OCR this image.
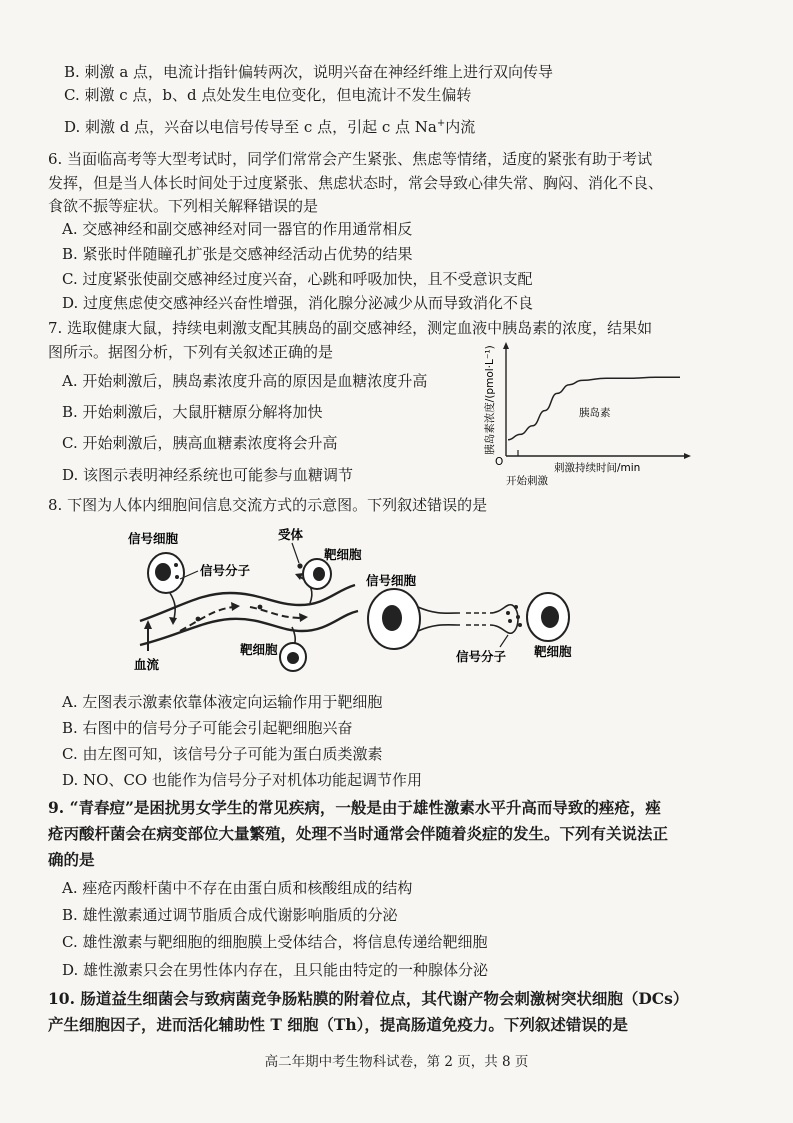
B. 刺激 a 点，电流计指针偏转两次，说明兴奋在神经纤维上进行双向传导
C. 刺激 c 点，b、d 点处发生电位变化，但电流计不发生偏转
D. 刺激 d 点，兴奋以电信号传导至 c 点，引起 c 点 Na+内流
6. 当面临高考等大型考试时，同学们常常会产生紧张、焦虑等情绪，适度的紧张有助于考试
发挥，但是当人体长时间处于过度紧张、焦虑状态时，常会导致心律失常、胸闷、消化不良、
食欲不振等症状。下列相关解释错误的是
A. 交感神经和副交感神经对同一器官的作用通常相反
B. 紧张时伴随瞳孔扩张是交感神经活动占优势的结果
C. 过度紧张使副交感神经过度兴奋，心跳和呼吸加快，且不受意识支配
D. 过度焦虑使交感神经兴奋性增强，消化腺分泌减少从而导致消化不良
7. 选取健康大鼠，持续电刺激支配其胰岛的副交感神经，测定血液中胰岛素的浓度，结果如
图所示。据图分析，下列有关叙述正确的是
A. 开始刺激后，胰岛素浓度升高的原因是血糖浓度升高
B. 开始刺激后，大鼠肝糖原分解将加快
C. 开始刺激后，胰高血糖素浓度将会升高
D. 该图示表明神经系统也可能参与血糖调节
胰岛素浓度/(pmol·L⁻¹)
O	刺激持续时间/min
开始刺激
胰岛素
8. 下图为人体内细胞间信息交流方式的示意图。下列叙述错误的是
信号细胞
信号分子
受体
靶细胞
靶细胞
血流
信号细胞
信号分子 靶细胞
A. 左图表示激素依靠体液定向运输作用于靶细胞
B. 右图中的信号分子可能会引起靶细胞兴奋
C. 由左图可知，该信号分子可能为蛋白质类激素
D. NO、CO 也能作为信号分子对机体功能起调节作用
9. “青春痘”是困扰男女学生的常见疾病，一般是由于雄性激素水平升高而导致的痤疮，痤
疮丙酸杆菌会在病变部位大量繁殖，处理不当时通常会伴随着炎症的发生。下列有关说法正
确的是
A. 痤疮丙酸杆菌中不存在由蛋白质和核酸组成的结构
B. 雄性激素通过调节脂质合成代谢影响脂质的分泌
C. 雄性激素与靶细胞的细胞膜上受体结合，将信息传递给靶细胞
D. 雄性激素只会在男性体内存在，且只能由特定的一种腺体分泌
10. 肠道益生细菌会与致病菌竞争肠粘膜的附着位点，其代谢产物会刺激树突状细胞（DCs）
产生细胞因子，进而活化辅助性 T 细胞（Th），提高肠道免疫力。下列叙述错误的是
高二年期中考生物科试卷，第 2 页，共 8 页
